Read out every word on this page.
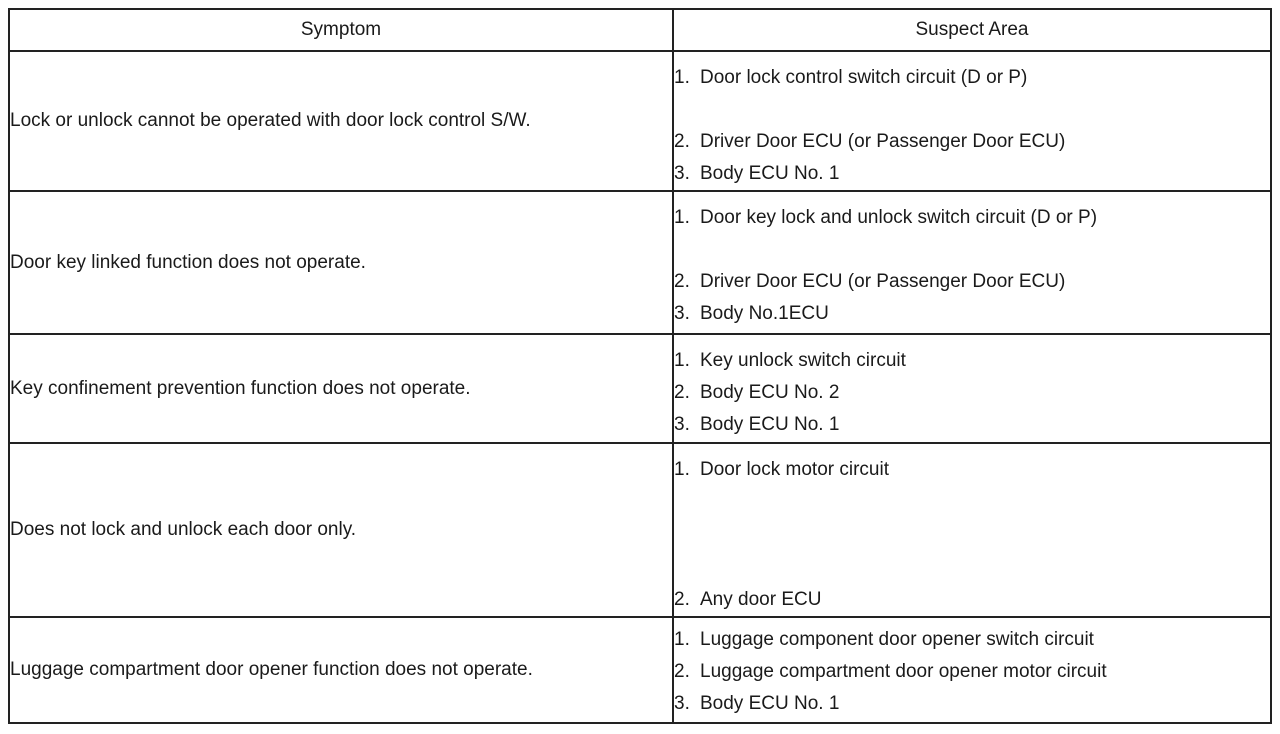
Symptom	Suspect Area
Lock or unlock cannot be operated with door lock control S/W.	1. Door lock control switch circuit (D or P)
2. Driver Door ECU (or Passenger Door ECU)
3. Body ECU No. 1

Door key linked function does not operate.	1. Door key lock and unlock switch circuit (D or P)
2. Driver Door ECU (or Passenger Door ECU)
3. Body No.1ECU

Key confinement prevention function does not operate.	1. Key unlock switch circuit
2. Body ECU No. 2
3. Body ECU No. 1

Does not lock and unlock each door only.	1. Door lock motor circuit
2. Any door ECU

Luggage compartment door opener function does not operate.	1. Luggage component door opener switch circuit
2. Luggage compartment door opener motor circuit
3. Body ECU No. 1
